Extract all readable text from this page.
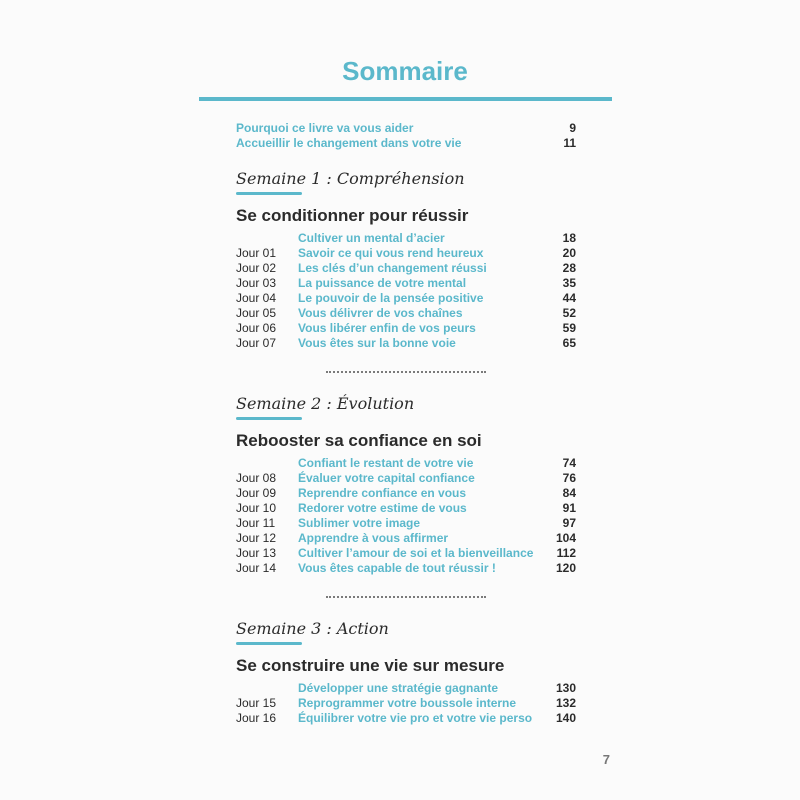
Sommaire
Pourquoi ce livre va vous aider	9
Accueillir le changement dans votre vie	11
Semaine 1 : Compréhension
Se conditionner pour réussir
Cultiver un mental d’acier	18
Jour 01 Savoir ce qui vous rend heureux	20
Jour 02 Les clés d’un changement réussi	28
Jour 03 La puissance de votre mental	35
Jour 04 Le pouvoir de la pensée positive	44
Jour 05 Vous délivrer de vos chaînes	52
Jour 06 Vous libérer enfin de vos peurs	59
Jour 07 Vous êtes sur la bonne voie	65
Semaine 2 : Évolution
Rebooster sa confiance en soi
Confiant le restant de votre vie	74
Jour 08 Évaluer votre capital confiance	76
Jour 09 Reprendre confiance en vous	84
Jour 10 Redorer votre estime de vous	91
Jour 11 Sublimer votre image	97
Jour 12 Apprendre à vous affirmer	104
Jour 13 Cultiver l’amour de soi et la bienveillance 112
Jour 14 Vous êtes capable de tout réussir !	120
Semaine 3 : Action
Se construire une vie sur mesure
Développer une stratégie gagnante	130
Jour 15 Reprogrammer votre boussole interne	132
Jour 16 Équilibrer votre vie pro et votre vie perso 140
7
